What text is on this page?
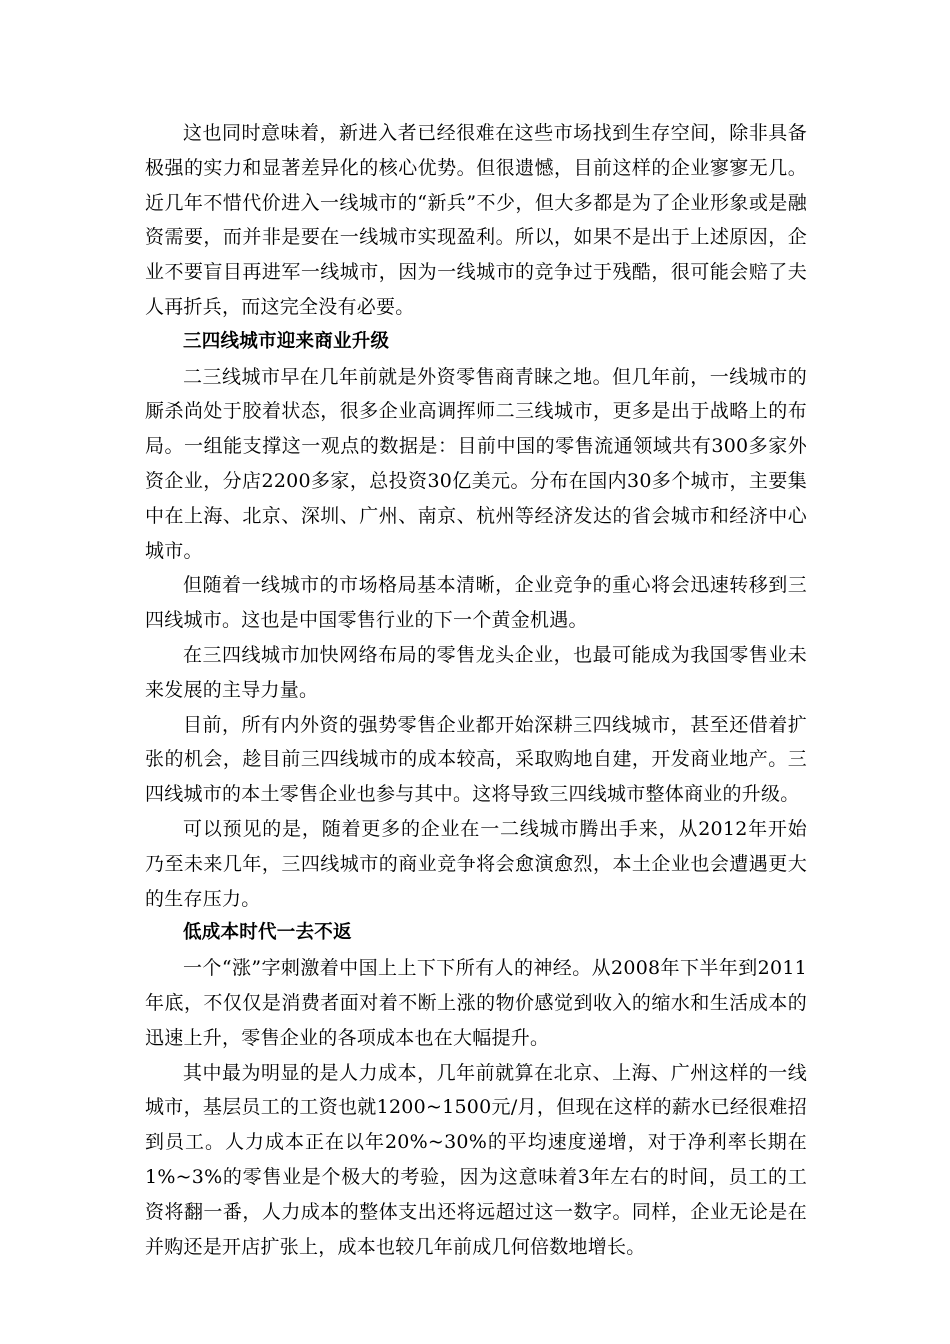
这也同时意味着，新进入者已经很难在这些市场找到生存空间，除非具备极强的实力和显著差异化的核心优势。但很遗憾，目前这样的企业寥寥无几。近几年不惜代价进入一线城市的“新兵”不少，但大多都是为了企业形象或是融资需要，而并非是要在一线城市实现盈利。所以，如果不是出于上述原因，企业不要盲目再进军一线城市，因为一线城市的竞争过于残酷，很可能会赔了夫人再折兵，而这完全没有必要。

三四线城市迎来商业升级

二三线城市早在几年前就是外资零售商青睐之地。但几年前，一线城市的厮杀尚处于胶着状态，很多企业高调挥师二三线城市，更多是出于战略上的布局。一组能支撑这一观点的数据是：目前中国的零售流通领域共有300多家外资企业，分店2200多家，总投资30亿美元。分布在国内30多个城市，主要集中在上海、北京、深圳、广州、南京、杭州等经济发达的省会城市和经济中心城市。

但随着一线城市的市场格局基本清晰，企业竞争的重心将会迅速转移到三四线城市。这也是中国零售行业的下一个黄金机遇。

在三四线城市加快网络布局的零售龙头企业，也最可能成为我国零售业未来发展的主导力量。

目前，所有内外资的强势零售企业都开始深耕三四线城市，甚至还借着扩张的机会，趁目前三四线城市的成本较高，采取购地自建，开发商业地产。三四线城市的本土零售企业也参与其中。这将导致三四线城市整体商业的升级。

可以预见的是，随着更多的企业在一二线城市腾出手来，从2012年开始乃至未来几年，三四线城市的商业竞争将会愈演愈烈，本土企业也会遭遇更大的生存压力。

低成本时代一去不返

一个“涨”字刺激着中国上上下下所有人的神经。从2008年下半年到2011年底，不仅仅是消费者面对着不断上涨的物价感觉到收入的缩水和生活成本的迅速上升，零售企业的各项成本也在大幅提升。

其中最为明显的是人力成本，几年前就算在北京、上海、广州这样的一线城市，基层员工的工资也就1200~1500元/月，但现在这样的薪水已经很难招到员工。人力成本正在以年20%~30%的平均速度递增，对于净利率长期在1%~3%的零售业是个极大的考验，因为这意味着3年左右的时间，员工的工资将翻一番，人力成本的整体支出还将远超过这一数字。同样，企业无论是在并购还是开店扩张上，成本也较几年前成几何倍数地增长。
